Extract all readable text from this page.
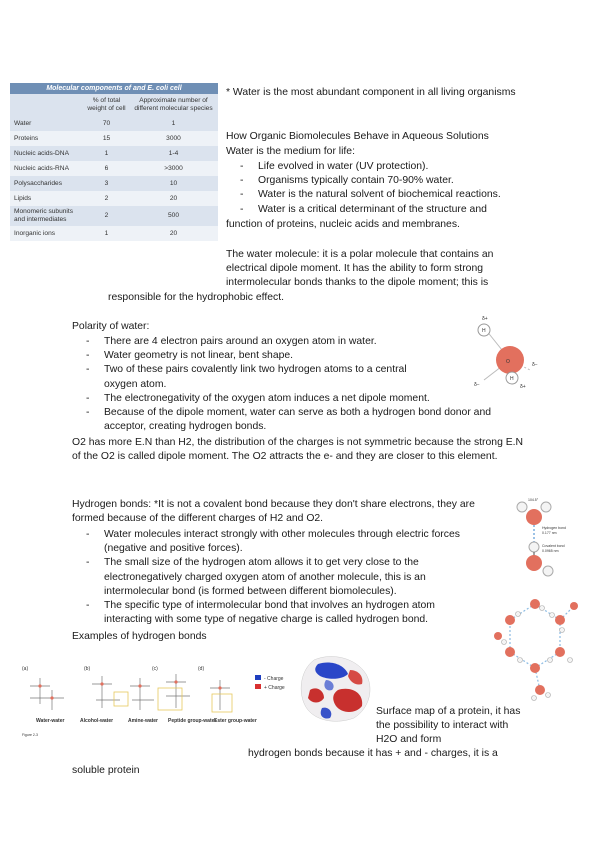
Molecular components of and E. coli cell		
	% of total weight of cell	Approximate number of different molecular species
Water	70	1
Proteins	15	3000
Nucleic acids-DNA	1	1-4
Nucleic acids-RNA	6	>3000
Polysaccharides	3	10
Lipids	2	20
Monomeric subunits and intermediates	2	500
Inorganic ions	1	20
* Water is the most abundant component in all living organisms
How Organic Biomolecules Behave in Aqueous Solutions
Water is the medium for life:
- Life evolved in water (UV protection).
- Organisms typically contain 70-90% water.
- Water is the natural solvent of biochemical reactions.
- Water is a critical determinant of the structure and
function of proteins, nucleic acids and membranes.
The water molecule: it is a polar molecule that contains an electrical dipole moment. It has the ability to form strong intermolecular bonds thanks to the dipole moment; this is
responsible for the hydrophobic effect.
Polarity of water:
- There are 4 electron pairs around an oxygen atom in water.
- Water geometry is not linear, bent shape.
- Two of these pairs covalently link two hydrogen atoms to a central oxygen atom.
- The electronegativity of the oxygen atom induces a net dipole moment.
- Because of the dipole moment, water can serve as both a hydrogen bond donor and acceptor, creating hydrogen bonds.
O2 has more E.N than H2, the distribution of the charges is not symmetric because the strong E.N of the O2 is called dipole moment. The O2 attracts the e- and they are closer to this element.
O
H
H
δ+
δ−
δ−	δ+
Hydrogen bonds: *It is not a covalent bond because they don't share electrons, they are formed because of the different charges of H2 and O2.
- Water molecules interact strongly with other molecules through electric forces (negative and positive forces).
- The small size of the hydrogen atom allows it to get very close to the electronegatively charged oxygen atom of another molecule, this is an intermolecular bond (is formed between different biomolecules).
- The specific type of intermolecular bond that involves an hydrogen atom interacting with some type of negative charge is called hydrogen bond.
Examples of hydrogen bonds
104.5°
Hydrogen bond
0.177 nm
Covalent bond
0.0965 nm
(a)	(b)	(c)	(d)
Water-water	Alcohol-water	Amine-water Peptide group-water
Ester group-water
Figure 2-3
- Charge
+ Charge
Surface map of a protein, it has the possibility to interact with H2O and form
hydrogen bonds because it has + and - charges, it is a
soluble protein
